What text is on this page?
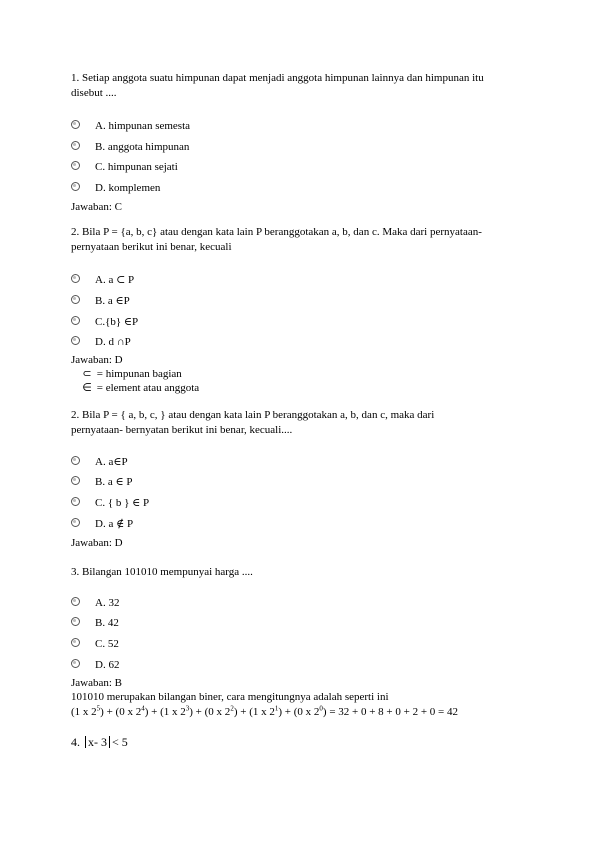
1. Setiap anggota suatu himpunan dapat menjadi anggota himpunan lainnya dan himpunan itu
disebut ....
A. himpunan semesta
B. anggota himpunan
C. himpunan sejati
D. komplemen
Jawaban: C
2. Bila P = {a, b, c} atau dengan kata lain P beranggotakan a, b, dan c. Maka dari pernyataan-
pernyataan berikut ini benar, kecuali
A. a ⊂ P
B. a ∈P
C.{b} ∈P
D. d ∩P
Jawaban: D
⊂ = himpunan bagian
∈ = element atau anggota
2. Bila P = { a, b, c, } atau dengan kata lain P beranggotakan a, b, dan c, maka dari
pernyataan- bernyatan berikut ini benar, kecuali....
A. a∈P
B. a ∈ P
C. { b } ∈ P
D. a ∉ P
Jawaban: D
3. Bilangan 101010 mempunyai harga ....
A. 32
B. 42
C. 52
D. 62
Jawaban: B
101010 merupakan bilangan biner, cara mengitungnya adalah seperti ini
(1 x $2^5) + (0$ x $2^4) + (1$ x $2^3) + (0$ x $2^2) + (1$ x $2^1) + (0$ x $2^0) = 32 + 0 + 8 + 0 + 2 + 0 = 42$
4. x- 3 < 5
